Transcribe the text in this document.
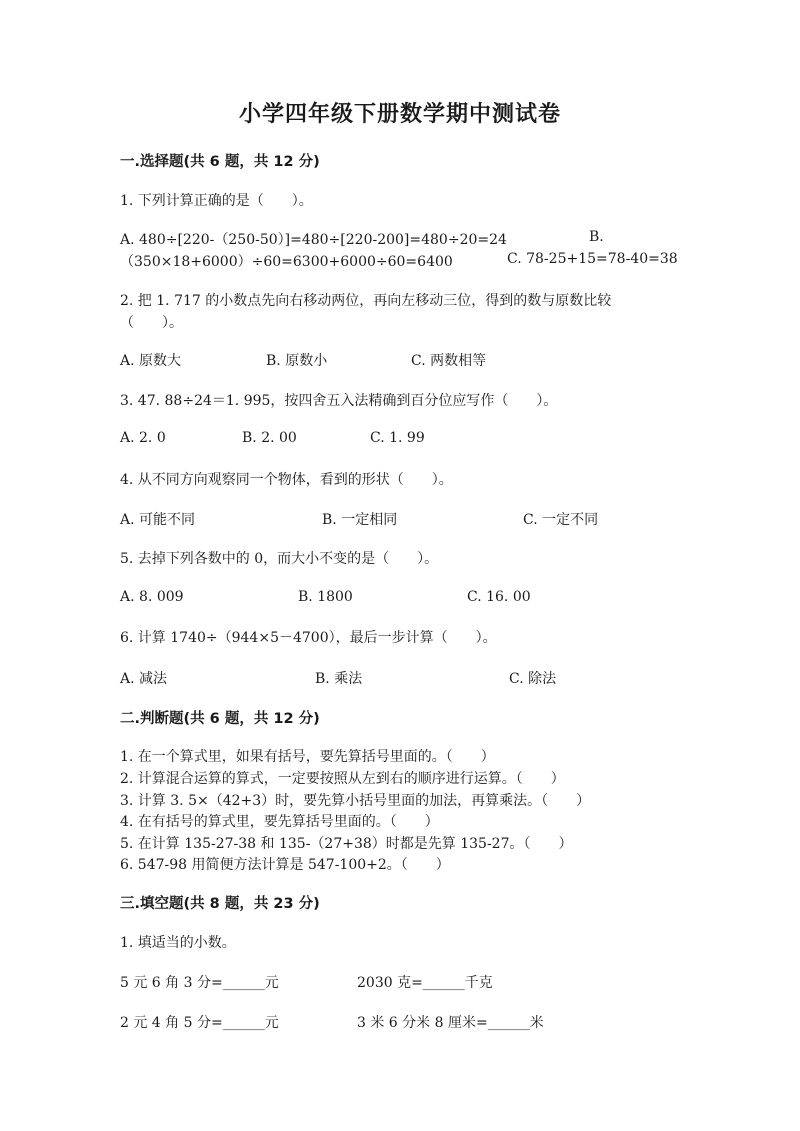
小学四年级下册数学期中测试卷
一.选择题(共 6 题，共 12 分)
1. 下列计算正确的是（　　）。
A. 480÷[220-（250-50）]=480÷[220-200]=480÷20=24	B.
（350×18+6000）÷60=6300+6000÷60=6400	C. 78-25+15=78-40=38
2. 把 1. 717 的小数点先向右移动两位，再向左移动三位，得到的数与原数比较
（　　）。
A. 原数大	B. 原数小	C. 两数相等
3. 47. 88÷24＝1. 995，按四舍五入法精确到百分位应写作（　　）。
A. 2. 0	B. 2. 00	C. 1. 99
4. 从不同方向观察同一个物体，看到的形状（　　）。
A. 可能不同	B. 一定相同	C. 一定不同
5. 去掉下列各数中的 0，而大小不变的是（　　）。
A. 8. 009	B. 1800	C. 16. 00
6. 计算 1740÷（944×5－4700），最后一步计算（　　）。
A. 减法	B. 乘法	C. 除法
二.判断题(共 6 题，共 12 分)
1. 在一个算式里，如果有括号，要先算括号里面的。（　　）
2. 计算混合运算的算式，一定要按照从左到右的顺序进行运算。（　　）
3. 计算 3. 5×（42+3）时，要先算小括号里面的加法，再算乘法。（　　）
4. 在有括号的算式里，要先算括号里面的。（　　）
5. 在计算 135-27-38 和 135-（27+38）时都是先算 135-27。（　　）
6. 547-98 用简便方法计算是 547-100+2。（　　）
三.填空题(共 8 题，共 23 分)
1. 填适当的小数。
5 元 6 角 3 分=______元	2030 克=______千克
2 元 4 角 5 分=______元	3 米 6 分米 8 厘米=______米
